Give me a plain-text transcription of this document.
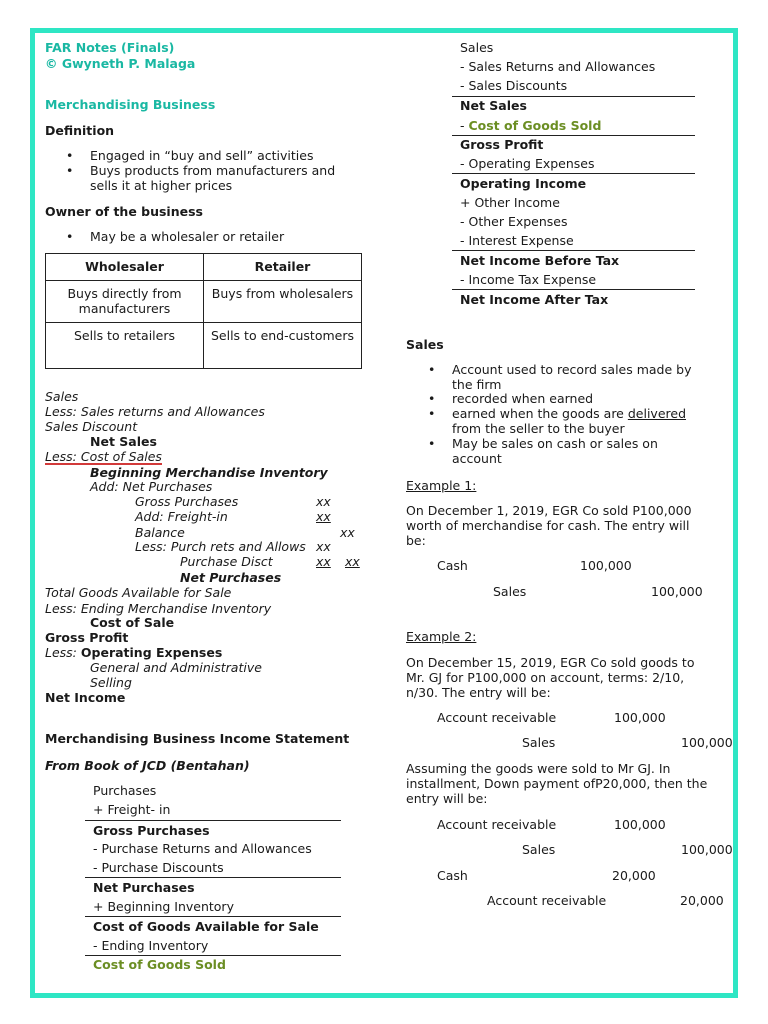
FAR Notes (Finals)
© Gwyneth P. Malaga
Merchandising Business
Definition
• Engaged in “buy and sell” activities
• Buys products from manufacturers and
sells it at higher prices
Owner of the business
• May be a wholesaler or retailer
Wholesaler	Retailer
Buys directly from manufacturers	Buys from wholesalers
Sells to retailers	Sells to end-customers
Sales
Less: Sales returns and Allowances
Sales Discount
Net Sales
Less: Cost of Sales
Beginning Merchandise Inventory
Add: Net Purchases
Gross Purchases	xx
Add: Freight-in	xx
Balance	xx
Less: Purch rets and Allows xx
Purchase Disct	xx xx
Net Purchases
Total Goods Available for Sale
Less: Ending Merchandise Inventory
Cost of Sale
Gross Profit
Less: Operating Expenses
General and Administrative
Selling
Net Income
Merchandising Business Income Statement
From Book of JCD (Bentahan)
Purchases
+ Freight- in
Gross Purchases
- Purchase Returns and Allowances
- Purchase Discounts
Net Purchases
+ Beginning Inventory
Cost of Goods Available for Sale
- Ending Inventory
Cost of Goods Sold
Sales
- Sales Returns and Allowances
- Sales Discounts
Net Sales
- Cost of Goods Sold
Gross Profit
- Operating Expenses
Operating Income
+ Other Income
- Other Expenses
- Interest Expense
Net Income Before Tax
- Income Tax Expense
Net Income After Tax
Sales
• Account used to record sales made by
the firm
• recorded when earned
• earned when the goods are delivered
from the seller to the buyer
• May be sales on cash or sales on
account
Example 1:
On December 1, 2019, EGR Co sold P100,000
worth of merchandise for cash. The entry will
be:
Cash	100,000
Sales	100,000
Example 2:
On December 15, 2019, EGR Co sold goods to
Mr. GJ for P100,000 on account, terms: 2/10,
n/30. The entry will be:
Account receivable	100,000
Sales	100,000
Assuming the goods were sold to Mr GJ. In
installment, Down payment ofP20,000, then the
entry will be:
Account receivable	100,000
Sales	100,000
Cash	20,000
Account receivable	20,000
